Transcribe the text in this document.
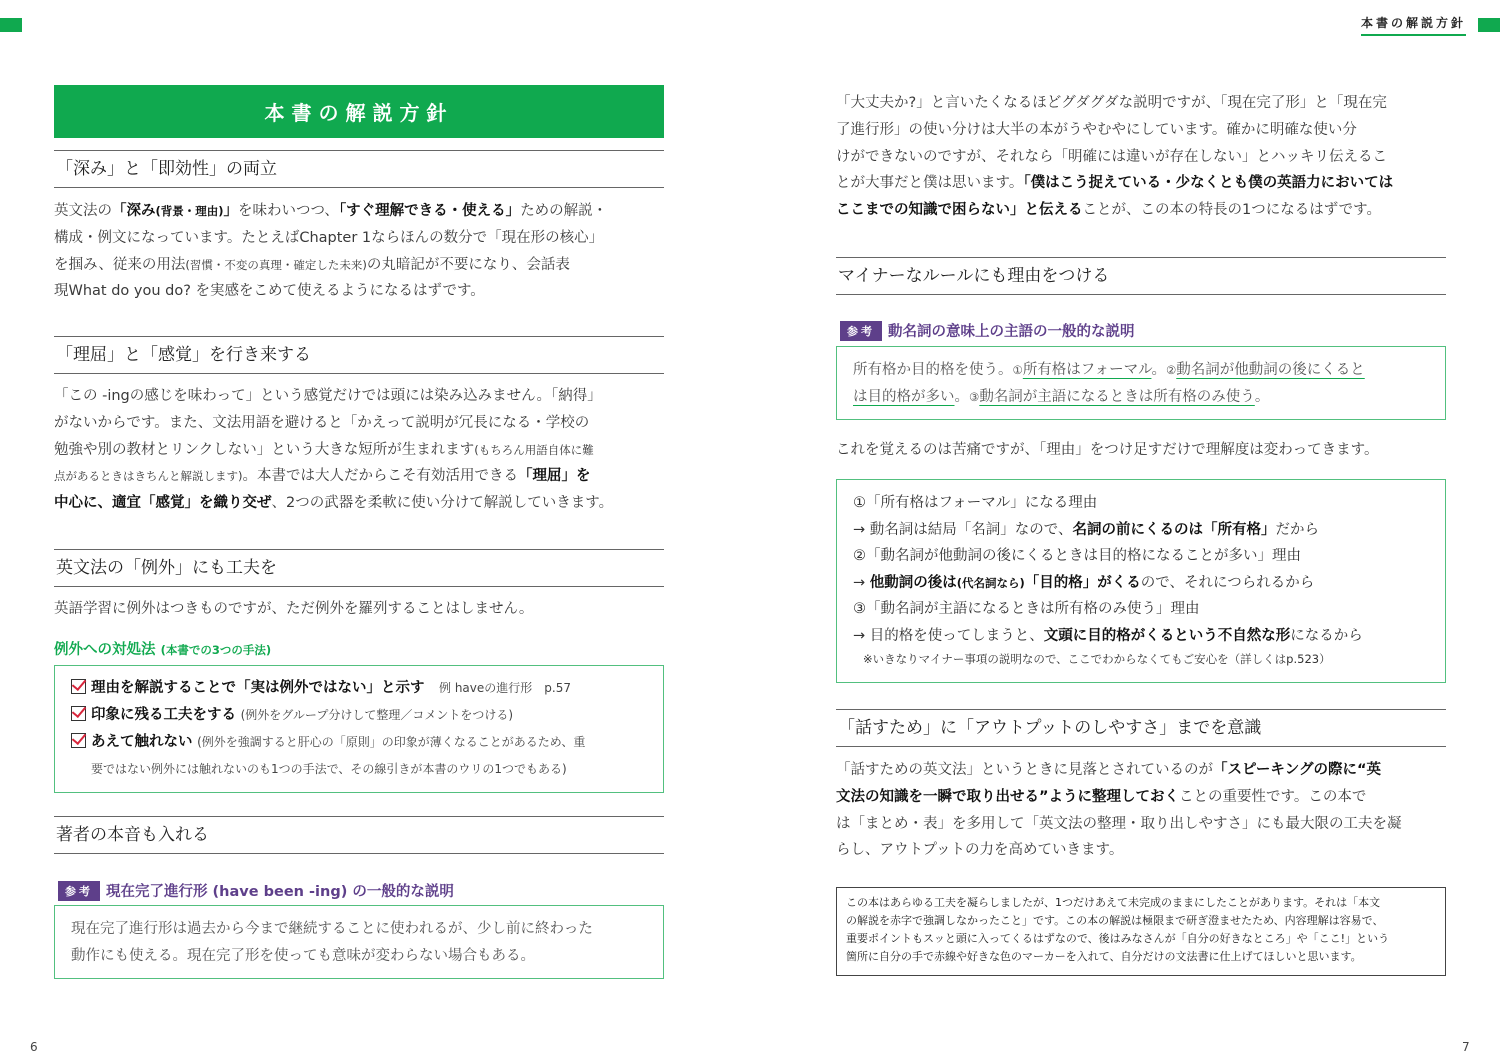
本書の解説方針
6	7
本書の解説方針
「深み」と「即効性」の両立
英文法の「深み(背景・理由)」を味わいつつ、「すぐ理解できる・使える」ための解説・
構成・例文になっています。たとえばChapter 1ならほんの数分で「現在形の核心」
を掴み、従来の用法(習慣・不変の真理・確定した未来)の丸暗記が不要になり、会話表
現What do you do? を実感をこめて使えるようになるはずです。
「理屈」と「感覚」を行き来する
「この -ingの感じを味わって」という感覚だけでは頭には染み込みません。「納得」
がないからです。また、文法用語を避けると「かえって説明が冗長になる・学校の
勉強や別の教材とリンクしない」という大きな短所が生まれます(もちろん用語自体に難
点があるときはきちんと解説します)。本書では大人だからこそ有効活用できる「理屈」を
中心に、適宜「感覚」を織り交ぜ、2つの武器を柔軟に使い分けて解説していきます。
英文法の「例外」にも工夫を
英語学習に例外はつきものですが、ただ例外を羅列することはしません。
例外への対処法 (本書での3つの手法)
理由を解説することで「実は例外ではない」と示す　 例 haveの進行形　p.57
印象に残る工夫をする (例外をグループ分けして整理／コメントをつける)
あえて触れない (例外を強調すると肝心の「原則」の印象が薄くなることがあるため、重
要ではない例外には触れないのも1つの手法で、その線引きが本書のウリの1つでもある)
著者の本音も入れる
参考 現在完了進行形 (have been -ing) の一般的な説明
現在完了進行形は過去から今まで継続することに使われるが、少し前に終わった
動作にも使える。現在完了形を使っても意味が変わらない場合もある。
「大丈夫か?」と言いたくなるほどグダグダな説明ですが、「現在完了形」と「現在完
了進行形」の使い分けは大半の本がうやむやにしています。確かに明確な使い分
けができないのですが、それなら「明確には違いが存在しない」とハッキリ伝えるこ
とが大事だと僕は思います。「僕はこう捉えている・少なくとも僕の英語力においては
ここまでの知識で困らない」と伝えることが、この本の特長の1つになるはずです。
マイナーなルールにも理由をつける
参考 動名詞の意味上の主語の一般的な説明
所有格か目的格を使う。①所有格はフォーマル。②動名詞が他動詞の後にくると
は目的格が多い。③動名詞が主語になるときは所有格のみ使う。
これを覚えるのは苦痛ですが、「理由」をつけ足すだけで理解度は変わってきます。
①「所有格はフォーマル」になる理由
→ 動名詞は結局「名詞」なので、名詞の前にくるのは「所有格」だから
②「動名詞が他動詞の後にくるときは目的格になることが多い」理由
→ 他動詞の後は(代名詞なら)「目的格」がくるので、それにつられるから
③「動名詞が主語になるときは所有格のみ使う」理由
→ 目的格を使ってしまうと、文頭に目的格がくるという不自然な形になるから
※いきなりマイナー事項の説明なので、ここでわからなくてもご安心を（詳しくはp.523）
「話すため」に「アウトプットのしやすさ」までを意識
「話すための英文法」というときに見落とされているのが「スピーキングの際に“英
文法の知識を一瞬で取り出せる”ように整理しておくことの重要性です。この本で
は「まとめ・表」を多用して「英文法の整理・取り出しやすさ」にも最大限の工夫を凝
らし、アウトプットの力を高めていきます。
この本はあらゆる工夫を凝らしましたが、1つだけあえて未完成のままにしたことがあります。それは「本文
の解説を赤字で強調しなかったこと」です。この本の解説は極限まで研ぎ澄ませたため、内容理解は容易で、
重要ポイントもスッと頭に入ってくるはずなので、後はみなさんが「自分の好きなところ」や「ここ!」という
箇所に自分の手で赤線や好きな色のマーカーを入れて、自分だけの文法書に仕上げてほしいと思います。
